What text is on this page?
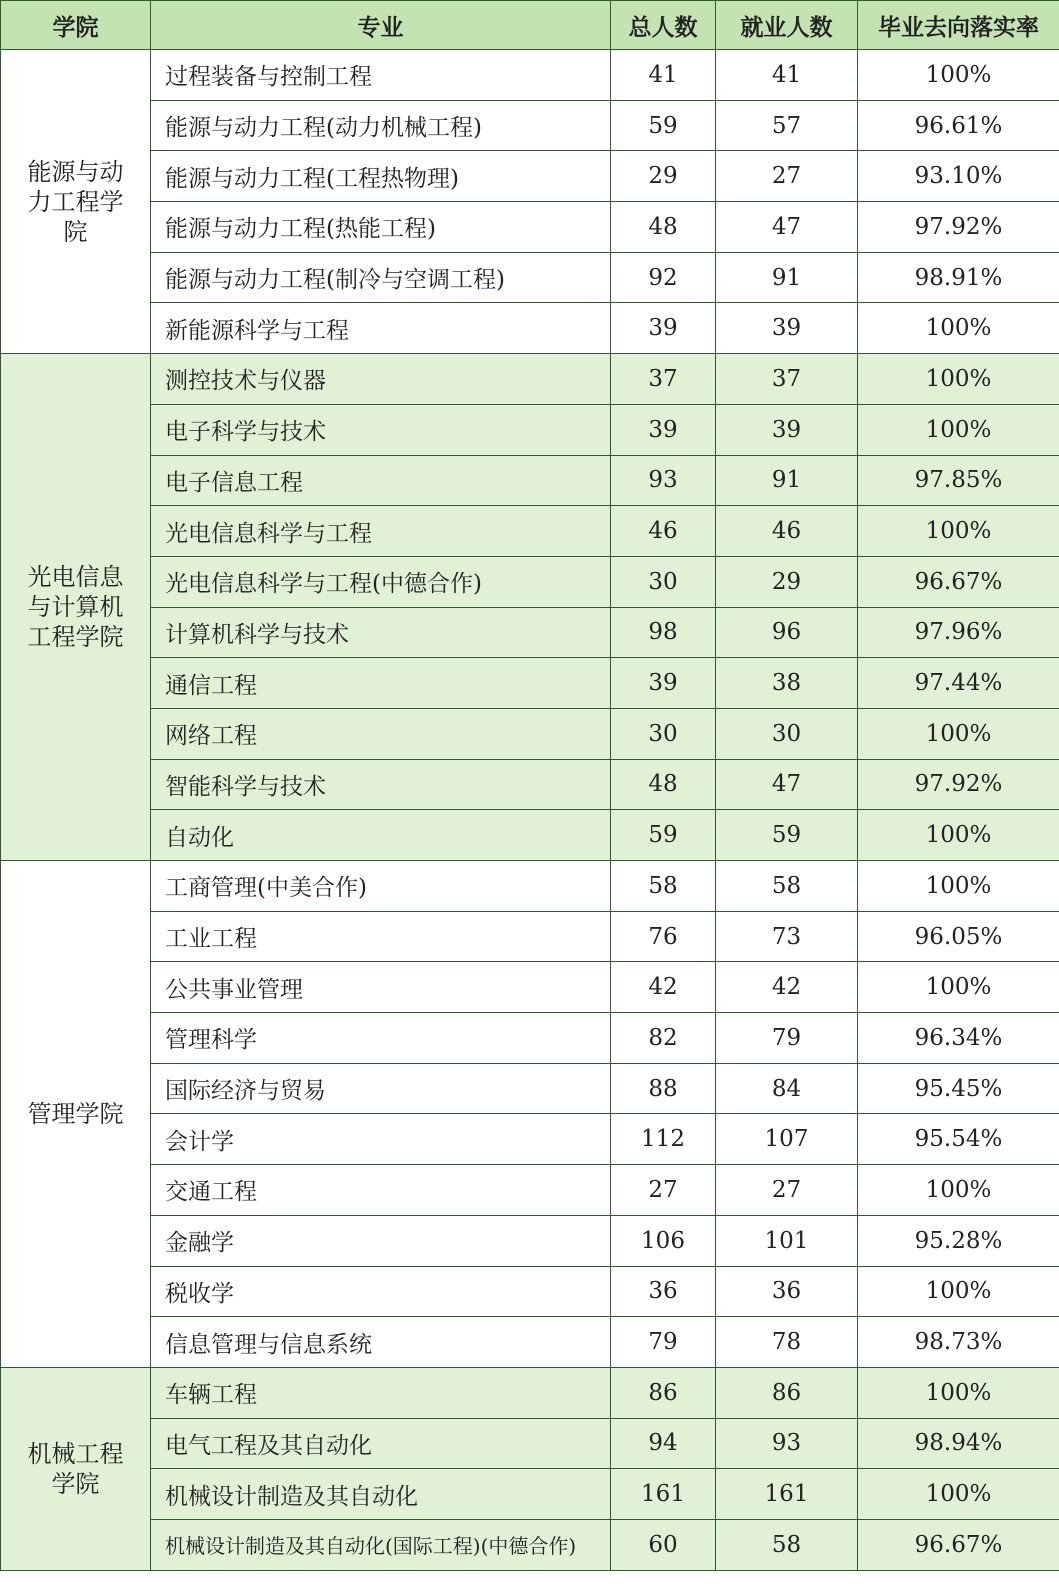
学院	专业	总人数	就业人数	毕业去向落实率
能源与动力工程学院	过程装备与控制工程	41	41	100%
	能源与动力工程(动力机械工程)	59	57	96.61%
	能源与动力工程(工程热物理)	29	27	93.10%
	能源与动力工程(热能工程)	48	47	97.92%
	能源与动力工程(制冷与空调工程)	92	91	98.91%
	新能源科学与工程	39	39	100%
光电信息与计算机工程学院	测控技术与仪器	37	37	100%
	电子科学与技术	39	39	100%
	电子信息工程	93	91	97.85%
	光电信息科学与工程	46	46	100%
	光电信息科学与工程(中德合作)	30	29	96.67%
	计算机科学与技术	98	96	97.96%
	通信工程	39	38	97.44%
	网络工程	30	30	100%
	智能科学与技术	48	47	97.92%
	自动化	59	59	100%
管理学院	工商管理(中美合作)	58	58	100%
	工业工程	76	73	96.05%
	公共事业管理	42	42	100%
	管理科学	82	79	96.34%
	国际经济与贸易	88	84	95.45%
	会计学	112	107	95.54%
	交通工程	27	27	100%
	金融学	106	101	95.28%
	税收学	36	36	100%
	信息管理与信息系统	79	78	98.73%
机械工程学院	车辆工程	86	86	100%
	电气工程及其自动化	94	93	98.94%
	机械设计制造及其自动化	161	161	100%
	机械设计制造及其自动化(国际工程)(中德合作)	60	58	96.67%
